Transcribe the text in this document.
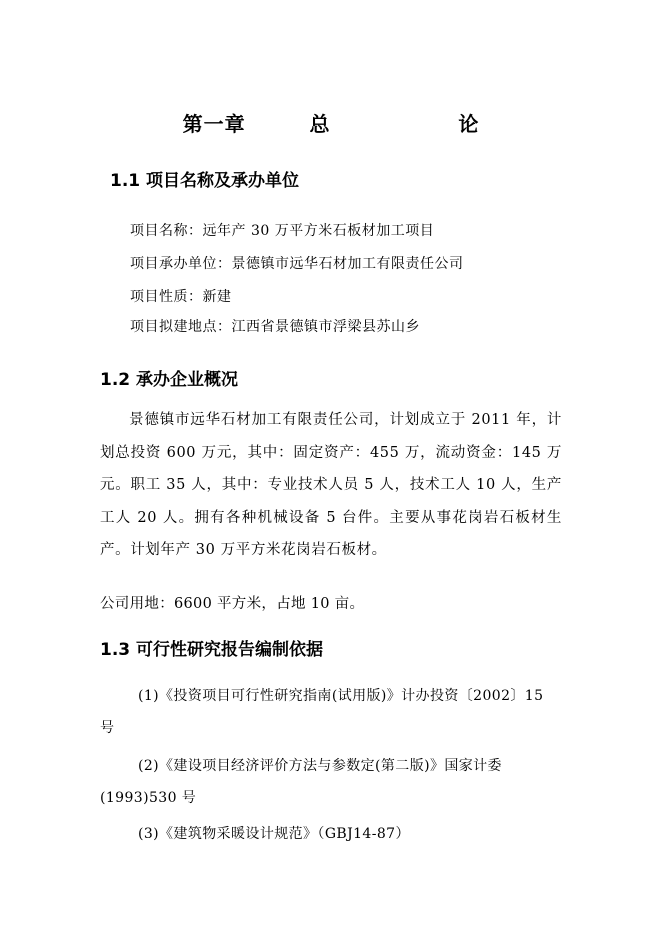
第一章  总    论
1.1 项目名称及承办单位
项目名称：远年产 30 万平方米石板材加工项目
项目承办单位：景德镇市远华石材加工有限责任公司
项目性质：新建
项目拟建地点：江西省景德镇市浮梁县苏山乡
1.2 承办企业概况
景德镇市远华石材加工有限责任公司，计划成立于 2011 年，计划总投资 600 万元，其中：固定资产：455 万，流动资金：145 万元。职工 35 人，其中：专业技术人员 5 人，技术工人 10 人，生产工人 20 人。拥有各种机械设备 5 台件。主要从事花岗岩石板材生产。计划年产 30 万平方米花岗岩石板材。
公司用地：6600 平方米，占地 10 亩。
1.3 可行性研究报告编制依据
(1)《投资项目可行性研究指南(试用版)》计办投资〔2002〕15 号
(2)《建设项目经济评价方法与参数定(第二版)》国家计委(1993)530 号
(3)《建筑物采暖设计规范》（GBJ14-87）
